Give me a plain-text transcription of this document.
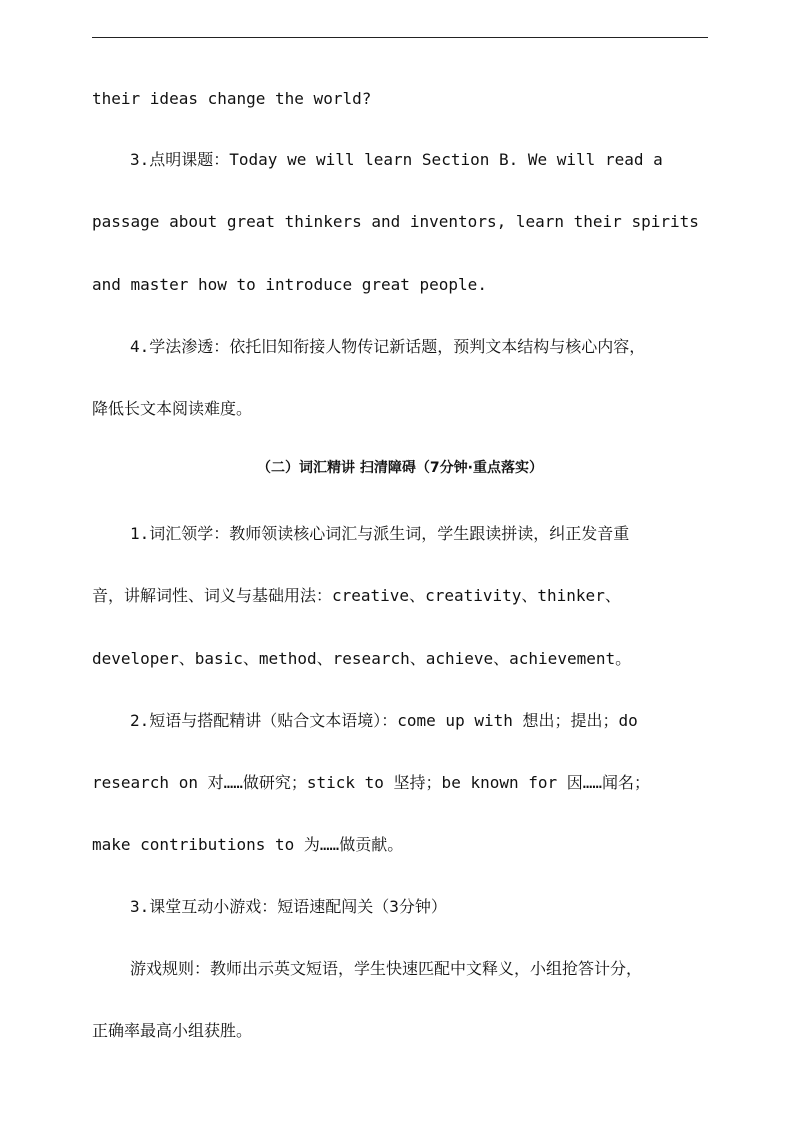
their ideas change the world?
3.点明课题：Today we will learn Section B. We will read a
passage about great thinkers and inventors, learn their spirits
and master how to introduce great people.
4.学法渗透：依托旧知衔接人物传记新话题，预判文本结构与核心内容，
降低长文本阅读难度。
（二）词汇精讲 扫清障碍（7分钟·重点落实）
1.词汇领学：教师领读核心词汇与派生词，学生跟读拼读，纠正发音重
音，讲解词性、词义与基础用法：creative、creativity、thinker、
developer、basic、method、research、achieve、achievement。
2.短语与搭配精讲（贴合文本语境）：come up with 想出；提出；do
research on 对……做研究；stick to 坚持；be known for 因……闻名；
make contributions to 为……做贡献。
3.课堂互动小游戏：短语速配闯关（3分钟）
游戏规则：教师出示英文短语，学生快速匹配中文释义，小组抢答计分，
正确率最高小组获胜。
